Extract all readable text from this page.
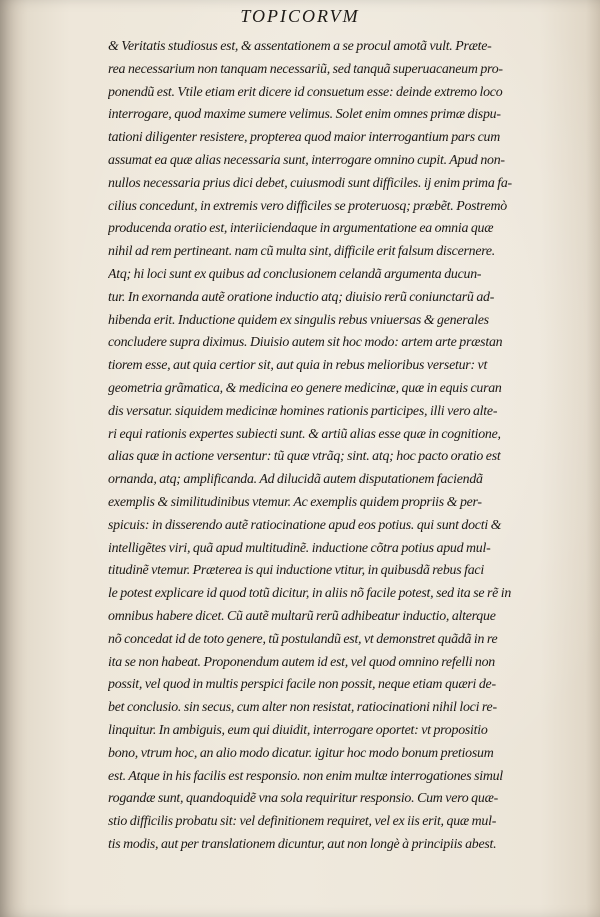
TOPICORVM
& Veritatis studiosus est, & assentationem a se procul amotã vult. Præte-
rea necessarium non tanquam necessariũ, sed tanquã superuacaneum pro-
ponendũ est. Vtile etiam erit dicere id consuetum esse: deinde extremo loco
interrogare, quod maxime sumere velimus. Solet enim omnes primæ dispu-
tationi diligenter resistere, propterea quod maior interrogantium pars cum
assumat ea quæ alias necessaria sunt, interrogare omnino cupit. Apud non-
nullos necessaria prius dici debet, cuiusmodi sunt difficiles. ij enim prima fa-
cilius concedunt, in extremis vero difficiles se proteruosq; præbẽt. Postremò
producenda oratio est, interiiciendaque in argumentatione ea omnia quæ
nihil ad rem pertineant. nam cũ multa sint, difficile erit falsum discernere.
Atq; hi loci sunt ex quibus ad conclusionem celandã argumenta ducun-
tur. In exornanda autẽ oratione inductio atq; diuisio rerũ coniunctarũ ad-
hibenda erit. Inductione quidem ex singulis rebus vniuersas & generales
concludere supra diximus. Diuisio autem sit hoc modo: artem arte præstan
tiorem esse, aut quia certior sit, aut quia in rebus melioribus versetur: vt
geometria grãmatica, & medicina eo genere medicinæ, quæ in equis curan
dis versatur. siquidem medicinæ homines rationis participes, illi vero alte-
ri equi rationis expertes subiecti sunt. & artiũ alias esse quæ in cognitione,
alias quæ in actione versentur: tũ quæ vtrãq; sint. atq; hoc pacto oratio est
ornanda, atq; amplificanda. Ad dilucidã autem disputationem faciendã
exemplis & similitudinibus vtemur. Ac exemplis quidem propriis & per-
spicuis: in disserendo autẽ ratiocinatione apud eos potius. qui sunt docti &
intelligẽtes viri, quã apud multitudinẽ. inductione cõtra potius apud mul-
titudinẽ vtemur. Præterea is qui inductione vtitur, in quibusdã rebus faci
le potest explicare id quod totũ dicitur, in aliis nõ facile potest, sed ita se rẽ in
omnibus habere dicet. Cũ autẽ multarũ rerũ adhibeatur inductio, alterque
nõ concedat id de toto genere, tũ postulandũ est, vt demonstret quãdã in re
ita se non habeat. Proponendum autem id est, vel quod omnino refelli non
possit, vel quod in multis perspici facile non possit, neque etiam quæri de-
bet conclusio. sin secus, cum alter non resistat, ratiocinationi nihil loci re-
linquitur. In ambiguis, eum qui diuidit, interrogare oportet: vt propositio
bono, vtrum hoc, an alio modo dicatur. igitur hoc modo bonum pretiosum
est. Atque in his facilis est responsio. non enim multæ interrogationes simul
rogandæ sunt, quandoquidẽ vna sola requiritur responsio. Cum vero quæ-
stio difficilis probatu sit: vel definitionem requiret, vel ex iis erit, quæ mul-
tis modis, aut per translationem dicuntur, aut non longè à principiis abest.
